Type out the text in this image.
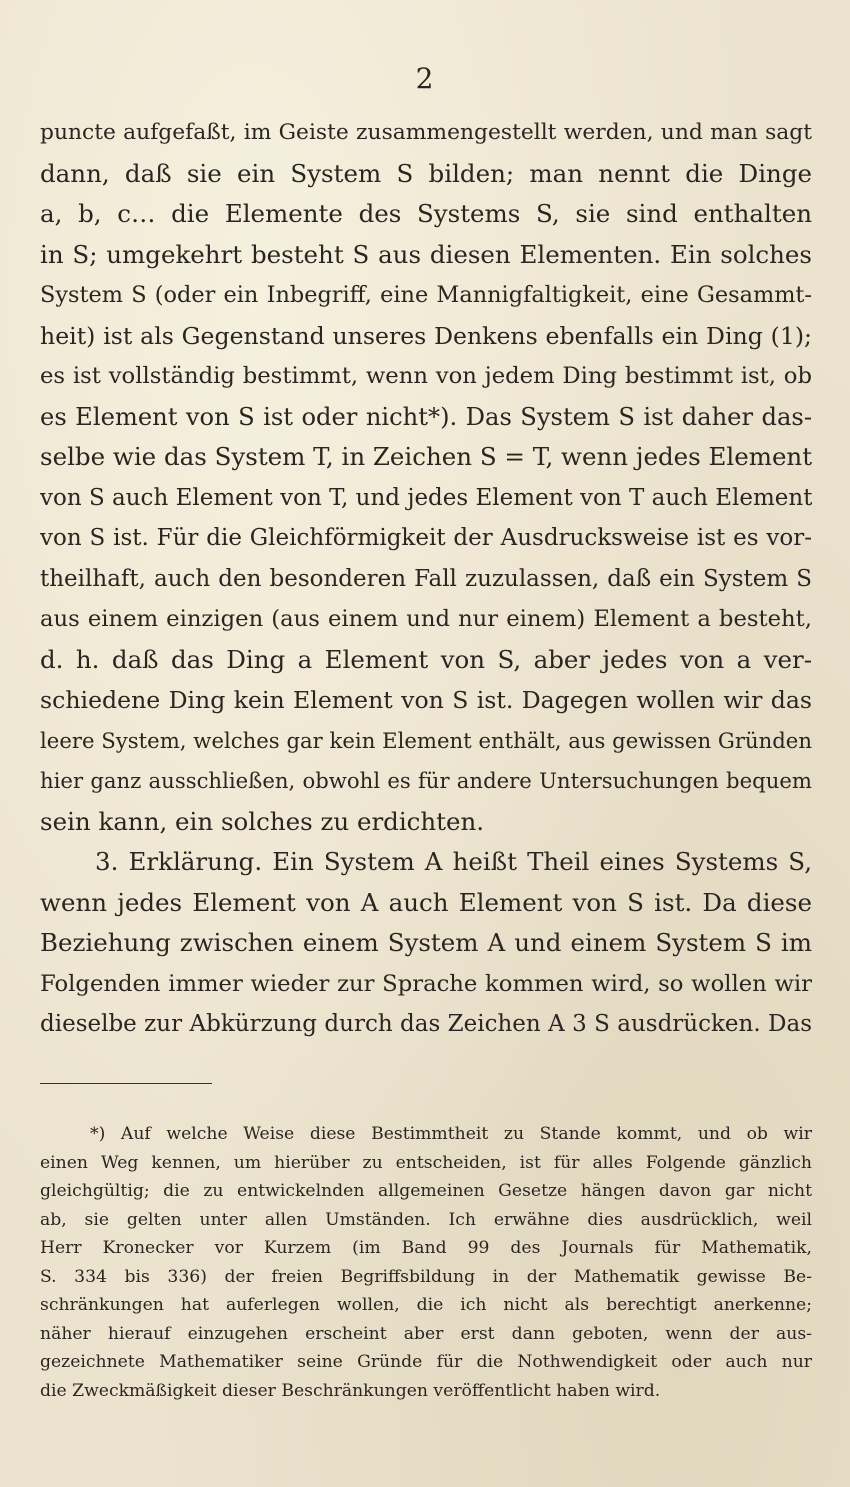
2
puncte aufgefaßt, im Geiste zusammengestellt werden, und man sagt
dann, daß sie ein System S bilden; man nennt die Dinge
a, b, c… die Elemente des Systems S, sie sind enthalten
in S; umgekehrt besteht S aus diesen Elementen. Ein solches
System S (oder ein Inbegriff, eine Mannigfaltigkeit, eine Gesammt-
heit) ist als Gegenstand unseres Denkens ebenfalls ein Ding (1);
es ist vollständig bestimmt, wenn von jedem Ding bestimmt ist, ob
es Element von S ist oder nicht*). Das System S ist daher das-
selbe wie das System T, in Zeichen S = T, wenn jedes Element
von S auch Element von T, und jedes Element von T auch Element
von S ist. Für die Gleichförmigkeit der Ausdrucksweise ist es vor-
theilhaft, auch den besonderen Fall zuzulassen, daß ein System S
aus einem einzigen (aus einem und nur einem) Element a besteht,
d. h. daß das Ding a Element von S, aber jedes von a ver-
schiedene Ding kein Element von S ist. Dagegen wollen wir das
leere System, welches gar kein Element enthält, aus gewissen Gründen
hier ganz ausschließen, obwohl es für andere Untersuchungen bequem
sein kann, ein solches zu erdichten.
3. Erklärung. Ein System A heißt Theil eines Systems S,
wenn jedes Element von A auch Element von S ist. Da diese
Beziehung zwischen einem System A und einem System S im
Folgenden immer wieder zur Sprache kommen wird, so wollen wir
dieselbe zur Abkürzung durch das Zeichen A 3 S ausdrücken. Das
*) Auf welche Weise diese Bestimmtheit zu Stande kommt, und ob wir
einen Weg kennen, um hierüber zu entscheiden, ist für alles Folgende gänzlich
gleichgültig; die zu entwickelnden allgemeinen Gesetze hängen davon gar nicht
ab, sie gelten unter allen Umständen. Ich erwähne dies ausdrücklich, weil
Herr Kronecker vor Kurzem (im Band 99 des Journals für Mathematik,
S. 334 bis 336) der freien Begriffsbildung in der Mathematik gewisse Be-
schränkungen hat auferlegen wollen, die ich nicht als berechtigt anerkenne;
näher hierauf einzugehen erscheint aber erst dann geboten, wenn der aus-
gezeichnete Mathematiker seine Gründe für die Nothwendigkeit oder auch nur
die Zweckmäßigkeit dieser Beschränkungen veröffentlicht haben wird.
